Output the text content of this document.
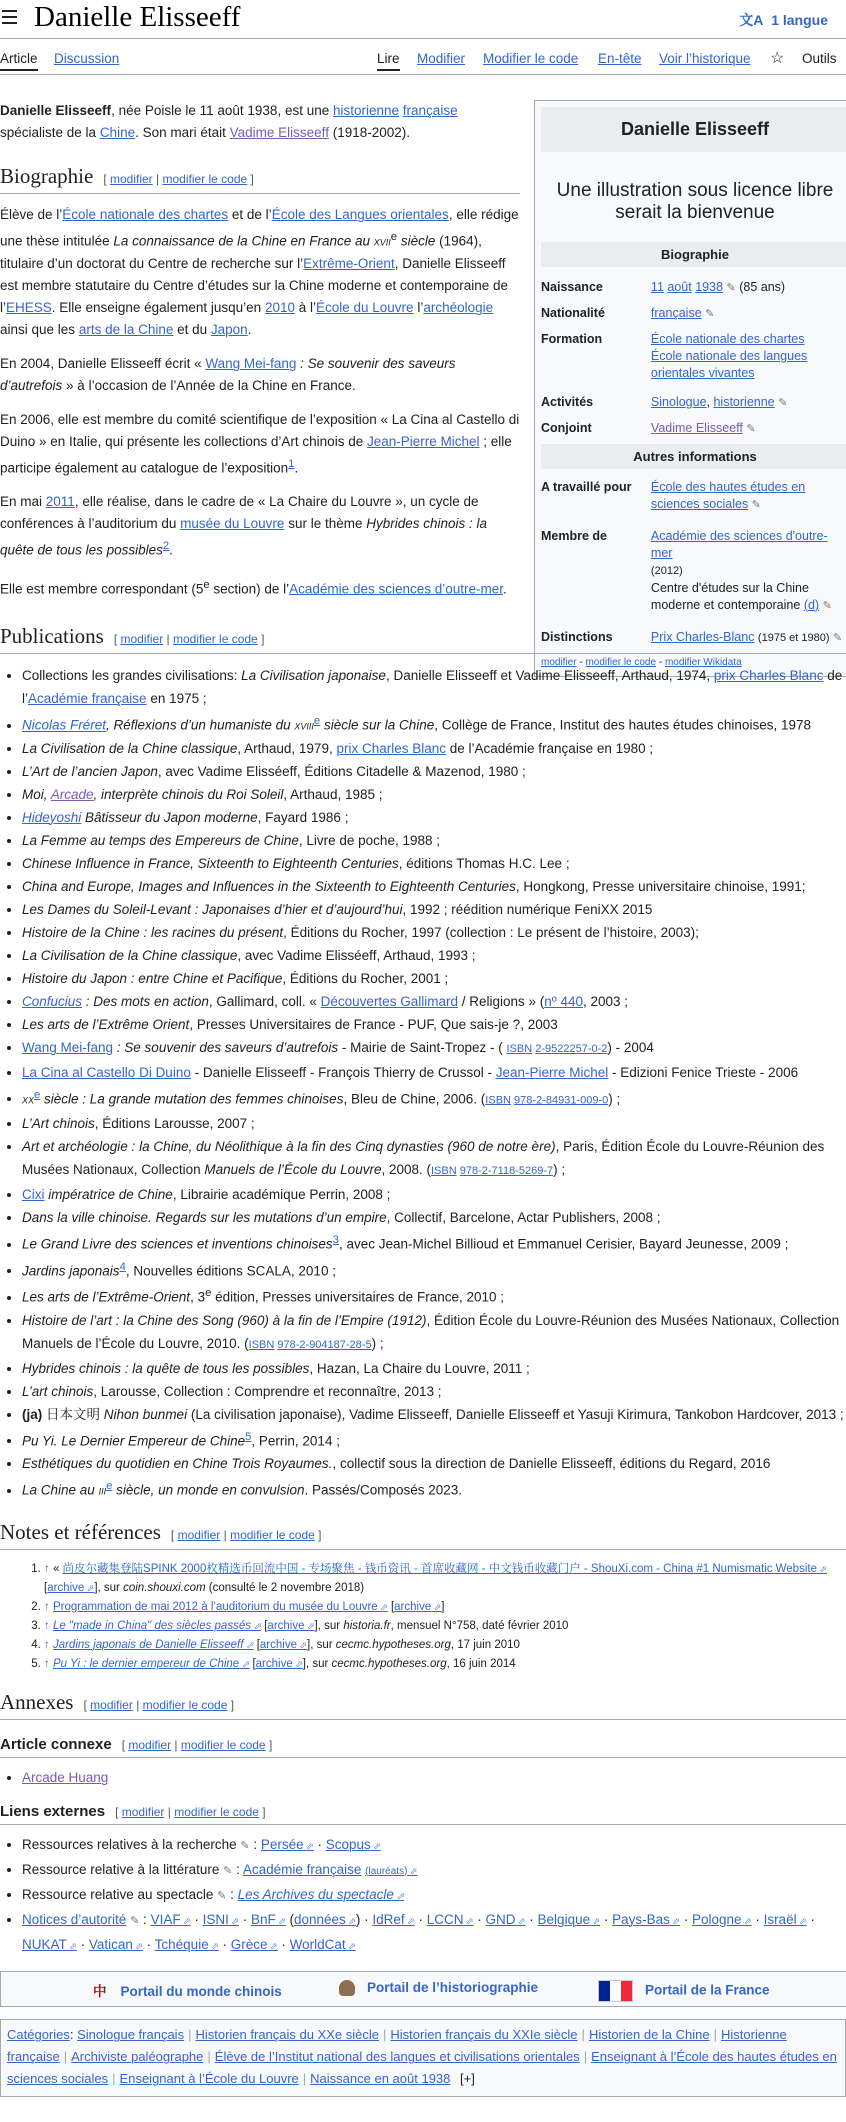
Danielle Elisseeff	文A 1 langue
Article Discussion	Lire Modifier Modifier le code En-tête Voir l’historique ☆ Outils
Danielle Elisseeff
Une illustration sous licence libre serait la bienvenue
Biographie
Naissance	11 août 1938 ✎ (85 ans)
Nationalité	française ✎
Formation	École nationale des chartes
École nationale des langues orientales vivantes
Activités	Sinologue, historienne ✎
Conjoint	Vadime Elisseeff ✎
Autres informations
A travaillé pour	École des hautes études en sciences sociales ✎
Membre de	Académie des sciences d'outre-mer
(2012)
Centre d'études sur la Chine moderne et contemporaine (d) ✎
Distinctions	Prix Charles-Blanc (1975 et 1980) ✎
modifier - modifier le code - modifier Wikidata

Danielle Elisseeff, née Poisle le 11 août 1938, est une historienne française spécialiste de la Chine. Son mari était Vadime Elisseeff (1918-2002).

Biographie [ modifier | modifier le code ]

Élève de l’École nationale des chartes et de l’École des Langues orientales, elle rédige une thèse intitulée La connaissance de la Chine en France au xvii$^e$ siècle (1964), titulaire d’un doctorat du Centre de recherche sur l’Extrême-Orient, Danielle Elisseeff est membre statutaire du Centre d’études sur la Chine moderne et contemporaine de l’EHESS. Elle enseigne également jusqu’en 2010 à l’École du Louvre l’archéologie ainsi que les arts de la Chine et du Japon.

En 2004, Danielle Elisseeff écrit « Wang Mei-fang : Se souvenir des saveurs d’autrefois » à l’occasion de l’Année de la Chine en France.

En 2006, elle est membre du comité scientifique de l’exposition « La Cina al Castello di Duino » en Italie, qui présente les collections d’Art chinois de Jean-Pierre Michel ; elle participe également au catalogue de l’exposition$^1$.

En mai 2011, elle réalise, dans le cadre de « La Chaire du Louvre », un cycle de conférences à l’auditorium du musée du Louvre sur le thème Hybrides chinois : la quête de tous les possibles$^2$.

Elle est membre correspondant (5e section) de l’Académie des sciences d’outre-mer.

Publications [ modifier | modifier le code ]
• Collections les grandes civilisations: La Civilisation japonaise, Danielle Elisseeff et Vadime Elisseeff, Arthaud, 1974, prix Charles Blanc de l’Académie française en 1975 ;
• Nicolas Fréret, Réflexions d’un humaniste du xviii$^e$ siècle sur la Chine, Collège de France, Institut des hautes études chinoises, 1978
• La Civilisation de la Chine classique, Arthaud, 1979, prix Charles Blanc de l’Académie française en 1980 ;
• L’Art de l’ancien Japon, avec Vadime Elisséeff, Éditions Citadelle & Mazenod, 1980 ;
• Moi, Arcade, interprète chinois du Roi Soleil, Arthaud, 1985 ;
• Hideyoshi Bâtisseur du Japon moderne, Fayard 1986 ;
• La Femme au temps des Empereurs de Chine, Livre de poche, 1988 ;
• Chinese Influence in France, Sixteenth to Eighteenth Centuries, éditions Thomas H.C. Lee ;
• China and Europe, Images and Influences in the Sixteenth to Eighteenth Centuries, Hongkong, Presse universitaire chinoise, 1991;
• Les Dames du Soleil-Levant : Japonaises d’hier et d’aujourd’hui, 1992 ; réédition numérique FeniXX 2015
• Histoire de la Chine : les racines du présent, Éditions du Rocher, 1997 (collection : Le présent de l’histoire, 2003);
• La Civilisation de la Chine classique, avec Vadime Elisséeff, Arthaud, 1993 ;
• Histoire du Japon : entre Chine et Pacifique, Éditions du Rocher, 2001 ;
• Confucius : Des mots en action, Gallimard, coll. « Découvertes Gallimard / Religions » (nº 440, 2003 ;
• Les arts de l’Extrême Orient, Presses Universitaires de France - PUF, Que sais-je ?, 2003
• Wang Mei-fang : Se souvenir des saveurs d’autrefois - Mairie de Saint-Tropez - ( ISBN 2-9522257-0-2) - 2004
• La Cina al Castello Di Duino - Danielle Elisseeff - François Thierry de Crussol - Jean-Pierre Michel - Edizioni Fenice Trieste - 2006
• $xx^e$ siècle : La grande mutation des femmes chinoises, Bleu de Chine, 2006. (ISBN 978-2-84931-009-0) ;
• L’Art chinois, Éditions Larousse, 2007 ;
• Art et archéologie : la Chine, du Néolithique à la fin des Cinq dynasties (960 de notre ère), Paris, Édition École du Louvre-Réunion des Musées Nationaux, Collection Manuels de l’École du Louvre, 2008. (ISBN 978-2-7118-5269-7) ;
• Cixi impératrice de Chine, Librairie académique Perrin, 2008 ;
• Dans la ville chinoise. Regards sur les mutations d’un empire, Collectif, Barcelone, Actar Publishers, 2008 ;
• Le Grand Livre des sciences et inventions chinoises$^3$, avec Jean-Michel Billioud et Emmanuel Cerisier, Bayard Jeunesse, 2009 ;
• Jardins japonais$^4$, Nouvelles éditions SCALA, 2010 ;
• Les arts de l’Extrême-Orient, 3e édition, Presses universitaires de France, 2010 ;
• Histoire de l’art : la Chine des Song (960) à la fin de l’Empire (1912), Édition École du Louvre-Réunion des Musées Nationaux, Collection Manuels de l’École du Louvre, 2010. (ISBN 978-2-904187-28-5) ;
• Hybrides chinois : la quête de tous les possibles, Hazan, La Chaire du Louvre, 2011 ;
• L’art chinois, Larousse, Collection : Comprendre et reconnaître, 2013 ;
• (ja) 日本文明 Nihon bunmei (La civilisation japonaise), Vadime Elisseeff, Danielle Elisseeff et Yasuji Kirimura, Tankobon Hardcover, 2013 ;
• Pu Yi. Le Dernier Empereur de Chine$^5$, Perrin, 2014 ;
• Esthétiques du quotidien en Chine Trois Royaumes., collectif sous la direction de Danielle Elisseeff, éditions du Regard, 2016
• La Chine au iii$^e$ siècle, un monde en convulsion. Passés/Composés 2023.
Notes et références [ modifier | modifier le code ]
1. ↑ « 尚皮尔藏集登陆SPINK 2000枚精选币回流中国 - 专场聚焦 - 钱币资讯 - 首席收藏网 - 中文钱币收藏门户 - ShouXi.com - China #1 Numismatic Website ⬀ [archive ⬀ ], sur coin.shouxi.com (consulté le 2 novembre 2018)
2. ↑ Programmation de mai 2012 à l’auditorium du musée du Louvre ⬀ [archive ⬀ ]
3. ↑ Le "made in China" des siècles passés ⬀ [archive ⬀ ], sur historia.fr, mensuel N°758, daté février 2010
4. ↑ Jardins japonais de Danielle Elisseeff ⬀ [archive ⬀ ], sur cecmc.hypotheses.org, 17 juin 2010
5. ↑ Pu Yi : le dernier empereur de Chine ⬀ [archive ⬀ ], sur cecmc.hypotheses.org, 16 juin 2014
Annexes [ modifier | modifier le code ]
Article connexe [ modifier | modifier le code ]
• Arcade Huang
Liens externes [ modifier | modifier le code ]
• Ressources relatives à la recherche ✎ : Persée ⬀ · Scopus ⬀
• Ressource relative à la littérature ✎ : Académie française (lauréats) ⬀
• Ressource relative au spectacle ✎ : Les Archives du spectacle ⬀
• Notices d’autorité ✎ : VIAF ⬀ · ISNI ⬀ · BnF ⬀ (données ⬀ ) · IdRef ⬀ · LCCN ⬀ · GND ⬀ · Belgique ⬀ · Pays-Bas ⬀ · Pologne ⬀ · Israël ⬀ · NUKAT ⬀ · Vatican ⬀ · Tchéquie ⬀ · Grèce ⬀ · WorldCat ⬀
中 Portail du monde chinois	Portail de l’historiographie	Portail de la France
Catégories: Sinologue français | Historien français du XXe siècle | Historien français du XXIe siècle | Historien de la Chine | Historienne française | Archiviste paléographe | Élève de l’Institut national des langues et civilisations orientales | Enseignant à l’École des hautes études en sciences sociales | Enseignant à l’École du Louvre | Naissance en août 1938 [+]
